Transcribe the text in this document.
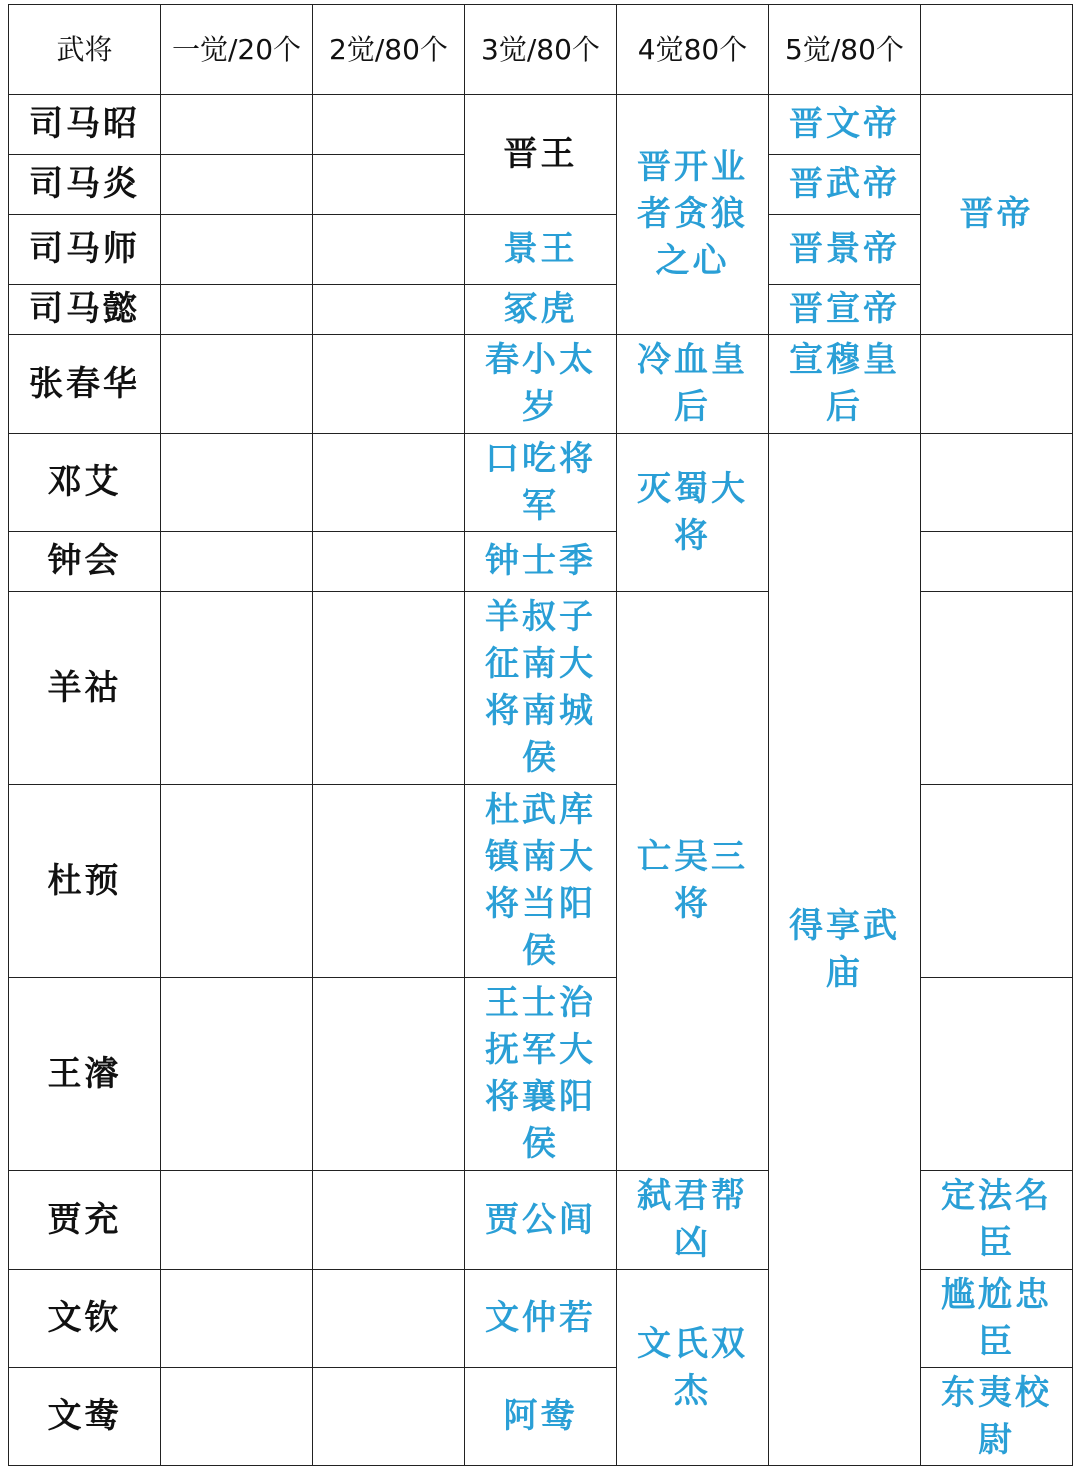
武将	一觉/20个	2觉/80个	3觉/80个	4觉80个	5觉/80个		
司马昭			晋王	晋开业者贪狼之心	晋文帝	晋帝	
司马炎					晋武帝		
司马师			景王		晋景帝		
司马懿			冢虎		晋宣帝		
张春华			春小太岁	冷血皇后	宣穆皇后		
邓艾			口吃将军	灭蜀大将	得享武庙		
钟会			钟士季				
羊祜			羊叔子征南大将南城侯	亡吴三将			
杜预			杜武库镇南大将当阳侯				
王濬			王士治抚军大将襄阳侯				
贾充			贾公闾	弑君帮凶		定法名臣	
文钦			文仲若	文氏双杰		尴尬忠臣	
文鸯			阿鸯			东夷校尉	
